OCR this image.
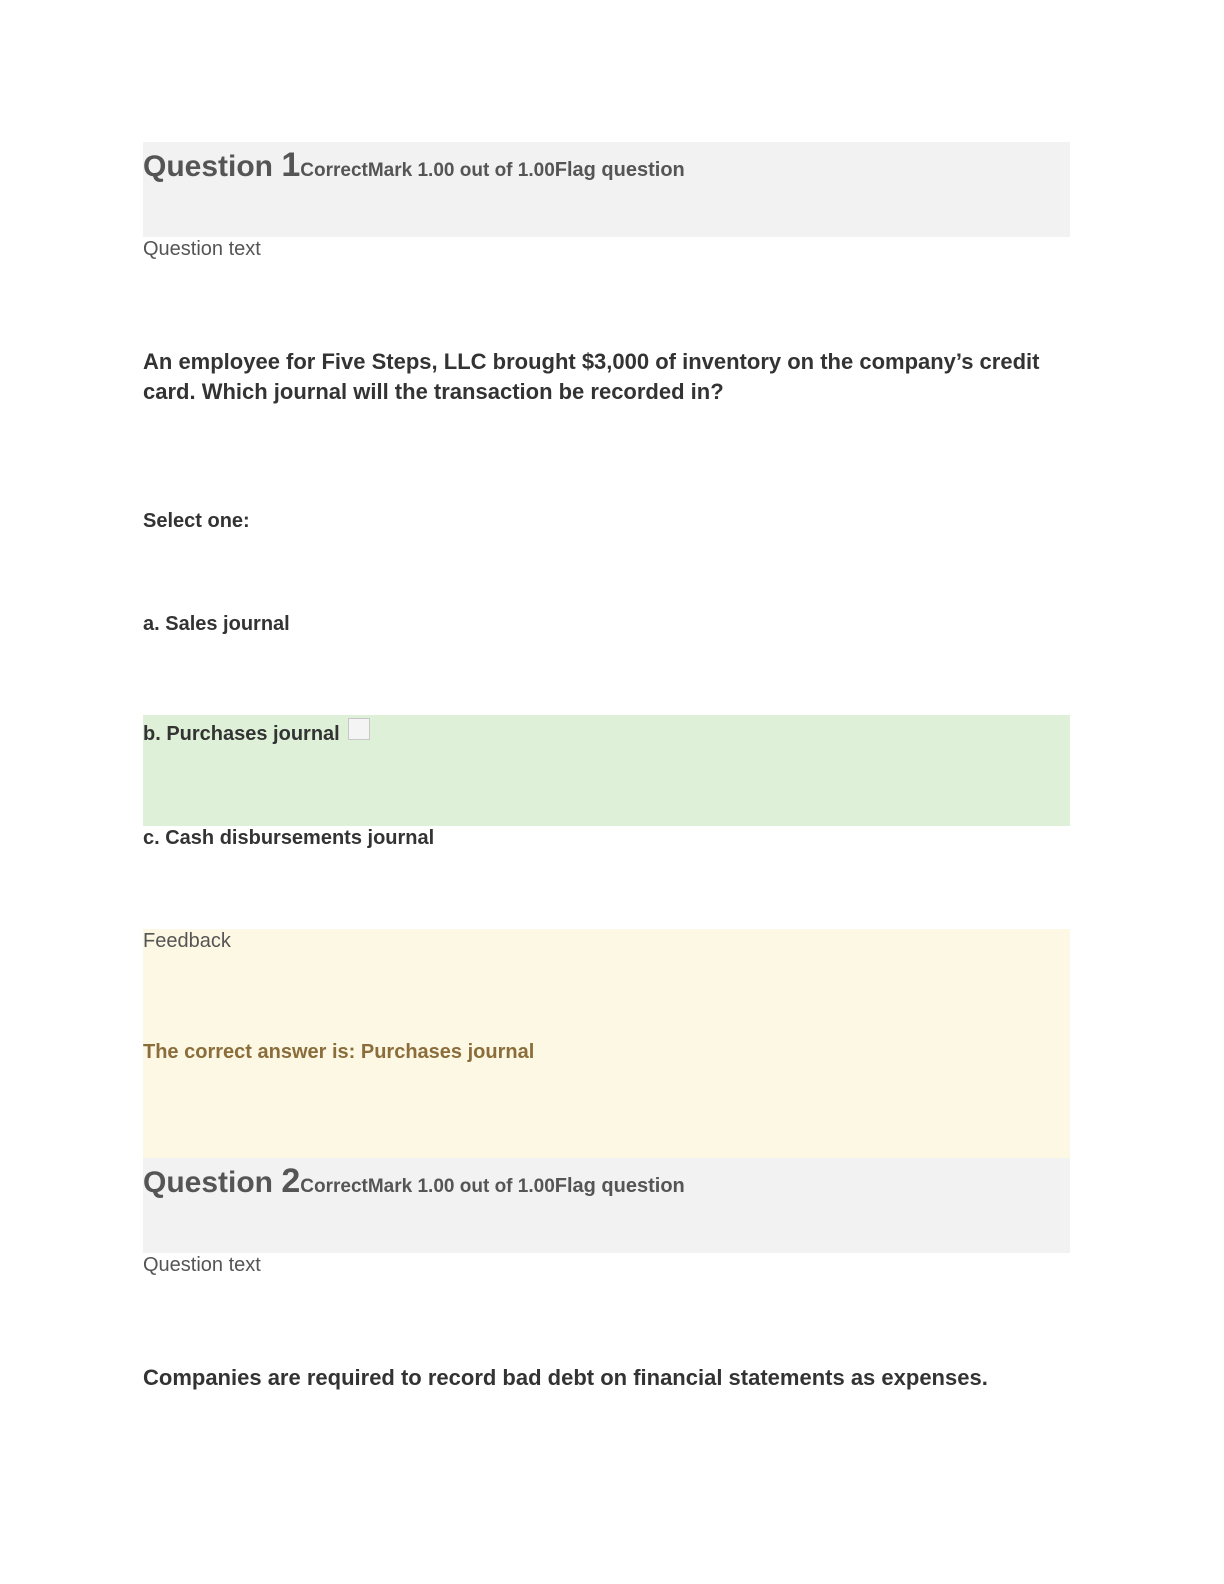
Question 1CorrectMark 1.00 out of 1.00Flag question
Question text
An employee for Five Steps, LLC brought $3,000 of inventory on the company’s credit card. Which journal will the transaction be recorded in?
Select one:
a. Sales journal
b. Purchases journal
c. Cash disbursements journal
Feedback
The correct answer is: Purchases journal
Question 2CorrectMark 1.00 out of 1.00Flag question
Question text
Companies are required to record bad debt on financial statements as expenses.
